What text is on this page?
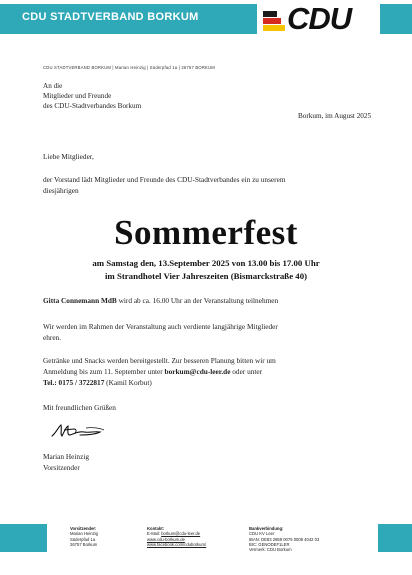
CDU STADTVERBAND BORKUM	CDU
CDU STADTVERBAND BORKUM | Marian Heinzig | Süderpfad 1a | 26757 BORKUM
An die
Mitglieder und Freunde
des CDU-Stadtverbandes Borkum
Borkum, im August 2025
Liebe Mitglieder,
der Vorstand lädt Mitglieder und Freunde des CDU-Stadtverbandes ein zu unserem
diesjährigen
Sommerfest
am Samstag den, 13.September 2025 von 13.00 bis 17.00 Uhr
im Strandhotel Vier Jahreszeiten (Bismarckstraße 40)
Gitta Connemann MdB wird ab ca. 16.00 Uhr an der Veranstaltung teilnehmen
Wir werden im Rahmen der Veranstaltung auch verdiente langjährige Mitglieder
ehren.
Getränke und Snacks werden bereitgestellt. Zur besseren Planung bitten wir um
Anmeldung bis zum 11. September unter borkum@cdu-leer.de oder unter
Tel.: 0175 / 3722817 (Kamil Korbut)
Mit freundlichen Grüßen
Marian Heinzig
Vorsitzender
Vorsitzender:
Marian Heinzig
Süderpfad 1a
26757 Borkum
Kontakt:
E-Mail: borkum@cdu-leer.de
www.cdu-borkum.de
www.facebook.com/cduborkum/
Bankverbindung:
CDU KV Leer
IBAN: DE83 2859 0075 0008 4042 03
BIC: GENODEF1LER
Vermerk: CDU Borkum
